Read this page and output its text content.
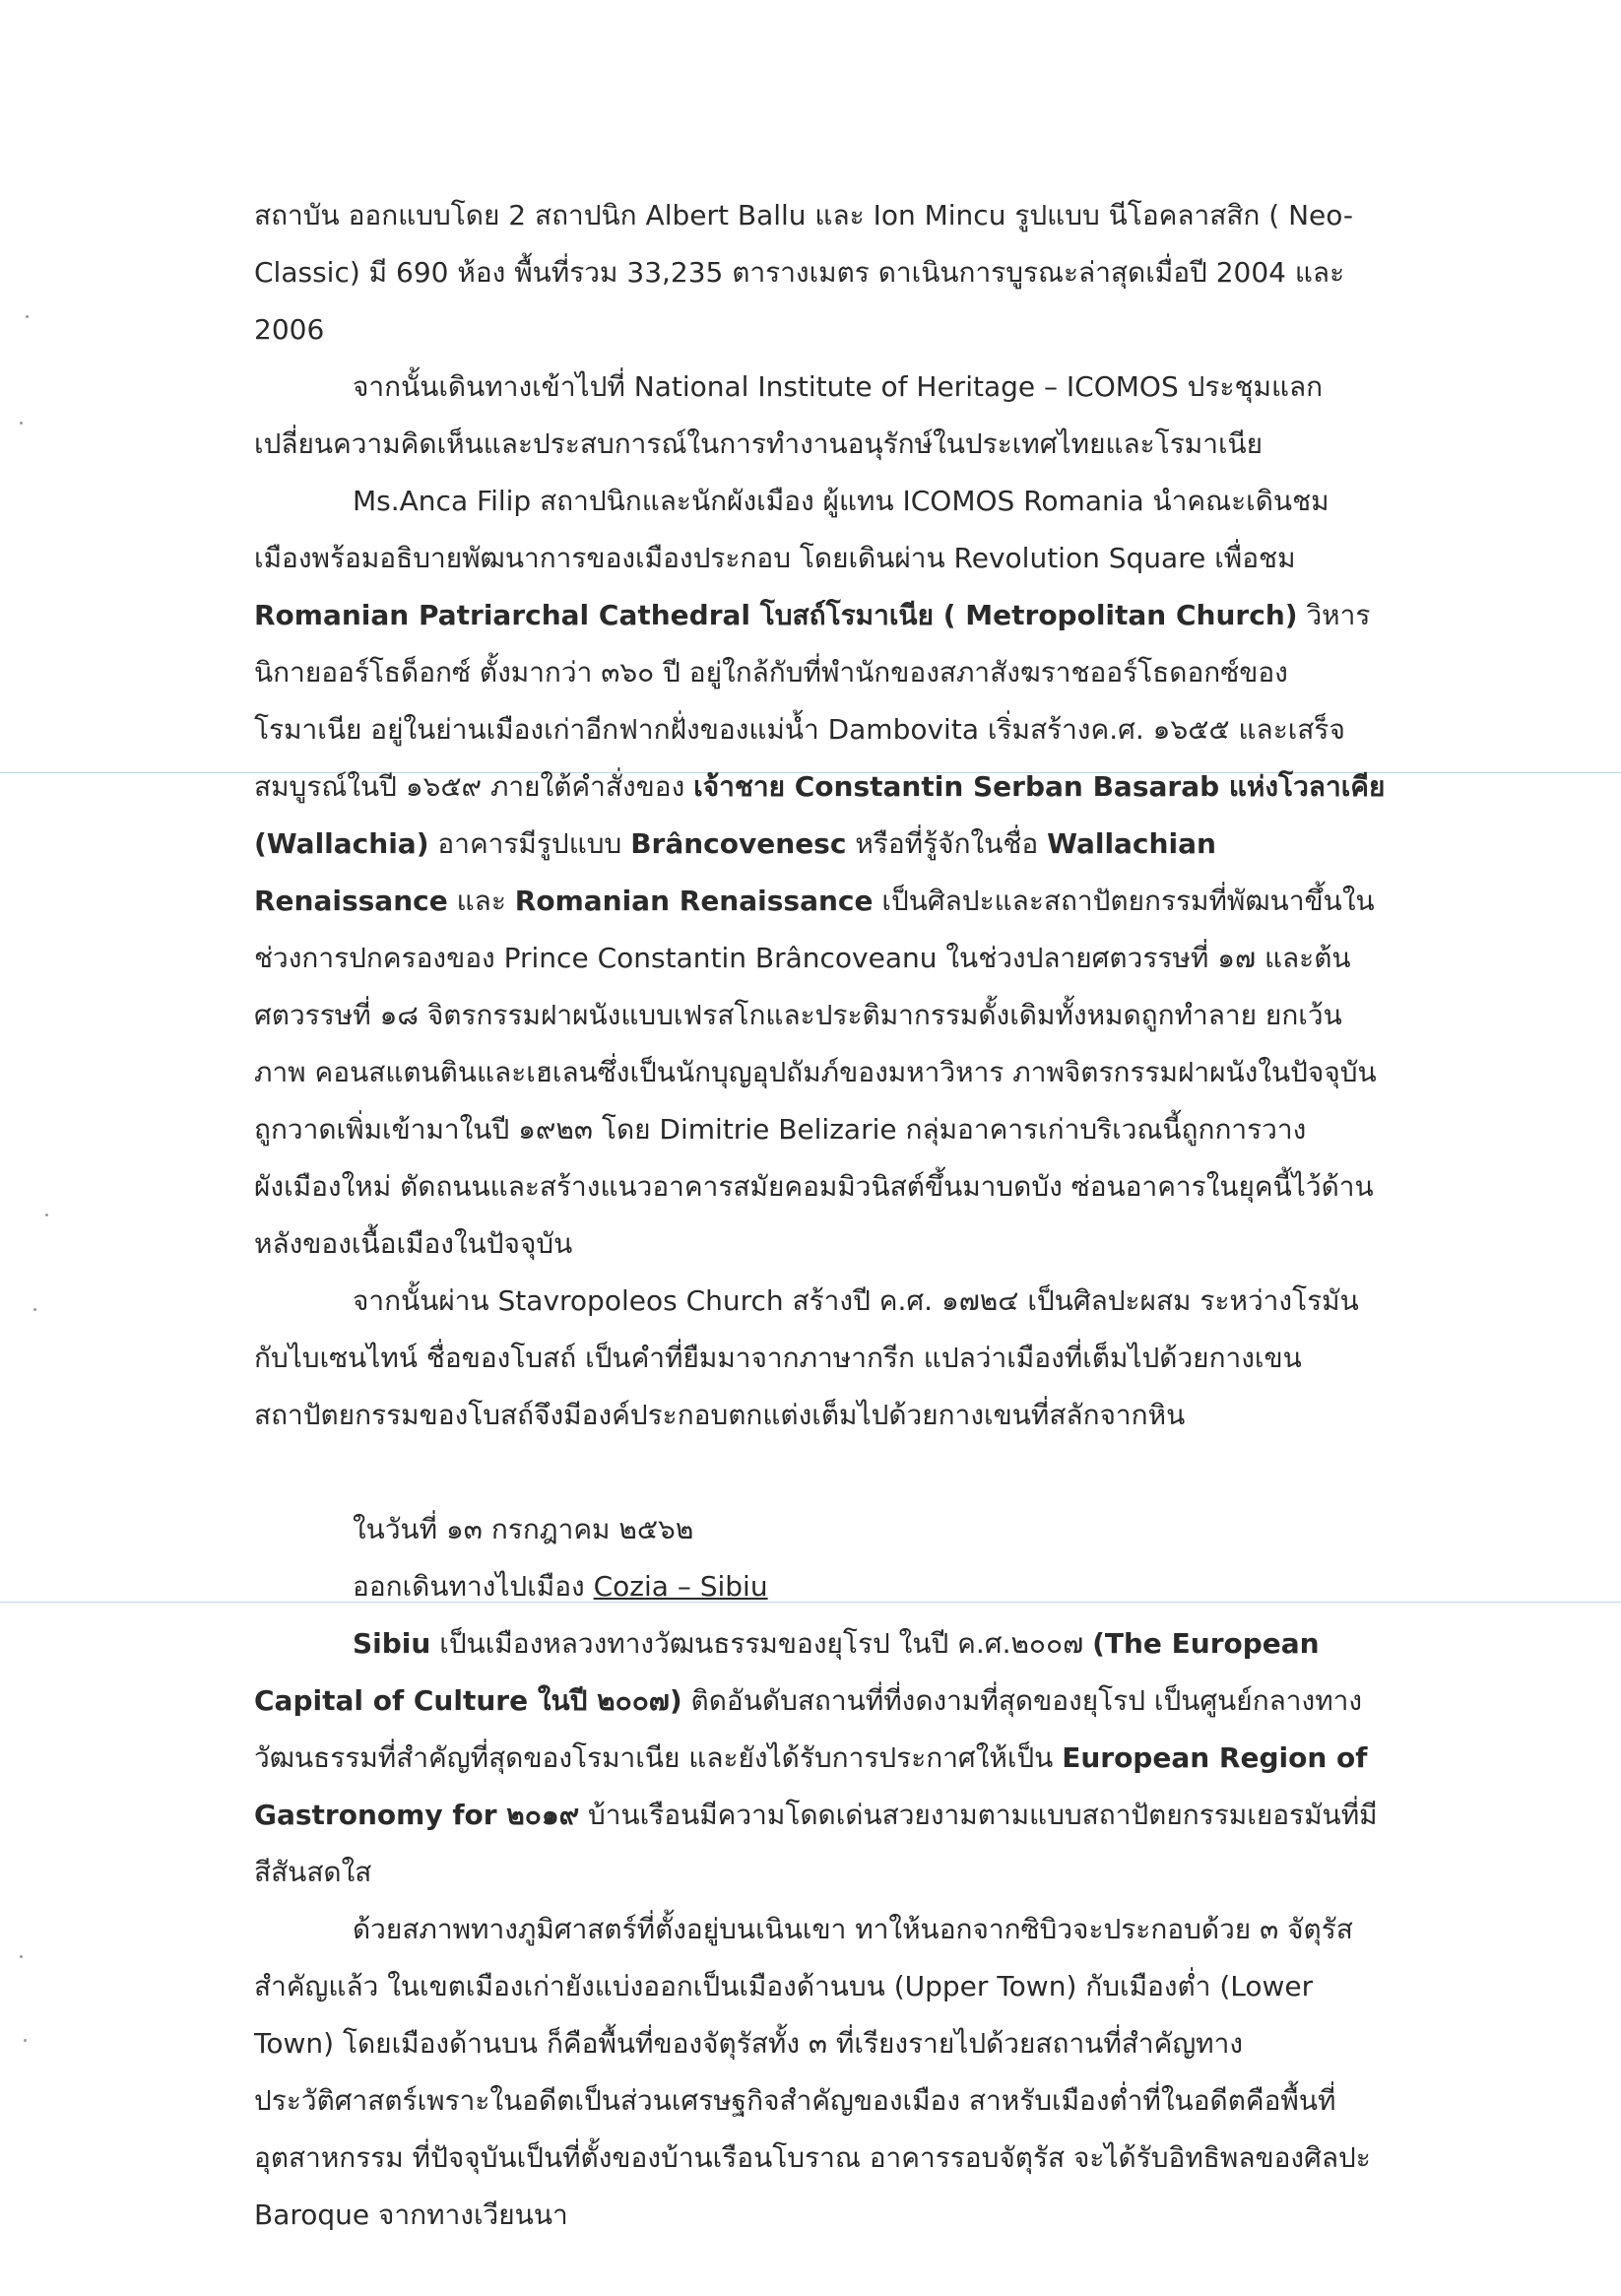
สถาบัน ออกแบบโดย 2 สถาปนิก Albert Ballu และ Ion Mincu รูปแบบ นีโอคลาสสิก ( Neo-Classic) มี 690 ห้อง พื้นที่รวม 33,235 ตารางเมตร ดาเนินการบูรณะล่าสุดเมื่อปี 2004 และ 2006

จากนั้นเดินทางเข้าไปที่ National Institute of Heritage – ICOMOS ประชุมแลกเปลี่ยนความคิดเห็นและประสบการณ์ในการทำงานอนุรักษ์ในประเทศไทยและโรมาเนีย

Ms.Anca Filip สถาปนิกและนักผังเมือง ผู้แทน ICOMOS Romania นำคณะเดินชมเมืองพร้อมอธิบายพัฒนาการของเมืองประกอบ โดยเดินผ่าน Revolution Square เพื่อชม Romanian Patriarchal Cathedral โบสถ์โรมาเนีย ( Metropolitan Church) วิหารนิกายออร์โธด็อกซ์ ตั้งมากว่า ๓๖๐ ปี อยู่ใกล้กับที่พำนักของสภาสังฆราชออร์โธดอกซ์ของโรมาเนีย อยู่ในย่านเมืองเก่าอีกฟากฝั่งของแม่น้ำ Dambovita เริ่มสร้างค.ศ. ๑๖๕๕ และเสร็จสมบูรณ์ในปี ๑๖๕๙ ภายใต้คำสั่งของ เจ้าชาย Constantin Serban Basarab แห่งโวลาเคีย (Wallachia) อาคารมีรูปแบบ Brâncovenesc หรือที่รู้จักในชื่อ Wallachian Renaissance และ Romanian Renaissance เป็นศิลปะและสถาปัตยกรรมที่พัฒนาขึ้นในช่วงการปกครองของ Prince Constantin Brâncoveanu ในช่วงปลายศตวรรษที่ ๑๗ และต้นศตวรรษที่ ๑๘ จิตรกรรมฝาผนังแบบเฟรสโกและประติมากรรมดั้งเดิมทั้งหมดถูกทำลาย ยกเว้นภาพ คอนสแตนตินและเฮเลนซึ่งเป็นนักบุญอุปถัมภ์ของมหาวิหาร ภาพจิตรกรรมฝาผนังในปัจจุบันถูกวาดเพิ่มเข้ามาในปี ๑๙๒๓ โดย Dimitrie Belizarie กลุ่มอาคารเก่าบริเวณนี้ถูกการวางผังเมืองใหม่ ตัดถนนและสร้างแนวอาคารสมัยคอมมิวนิสต์ขึ้นมาบดบัง ซ่อนอาคารในยุคนี้ไว้ด้านหลังของเนื้อเมืองในปัจจุบัน

จากนั้นผ่าน Stavropoleos Church สร้างปี ค.ศ. ๑๗๒๔ เป็นศิลปะผสม ระหว่างโรมันกับไบเซนไทน์ ชื่อของโบสถ์ เป็นคำที่ยืมมาจากภาษากรีก แปลว่าเมืองที่เต็มไปด้วยกางเขน สถาปัตยกรรมของโบสถ์จึงมีองค์ประกอบตกแต่งเต็มไปด้วยกางเขนที่สลักจากหิน

ในวันที่ ๑๓ กรกฎาคม ๒๕๖๒
ออกเดินทางไปเมือง Cozia – Sibiu

Sibiu เป็นเมืองหลวงทางวัฒนธรรมของยุโรป ในปี ค.ศ.๒๐๐๗ (The European Capital of Culture ในปี ๒๐๐๗) ติดอันดับสถานที่ที่งดงามที่สุดของยุโรป เป็นศูนย์กลางทางวัฒนธรรมที่สำคัญที่สุดของโรมาเนีย และยังได้รับการประกาศให้เป็น European Region of Gastronomy for ๒๐๑๙ บ้านเรือนมีความโดดเด่นสวยงามตามแบบสถาปัตยกรรมเยอรมันที่มีสีสันสดใส

ด้วยสภาพทางภูมิศาสตร์ที่ตั้งอยู่บนเนินเขา ทาให้นอกจากซิบิวจะประกอบด้วย ๓ จัตุรัสสำคัญแล้ว ในเขตเมืองเก่ายังแบ่งออกเป็นเมืองด้านบน (Upper Town) กับเมืองต่ำ (Lower Town) โดยเมืองด้านบน ก็คือพื้นที่ของจัตุรัสทั้ง ๓ ที่เรียงรายไปด้วยสถานที่สำคัญทางประวัติศาสตร์เพราะในอดีตเป็นส่วนเศรษฐกิจสำคัญของเมือง สาหรับเมืองต่ำที่ในอดีตคือพื้นที่อุตสาหกรรม ที่ปัจจุบันเป็นที่ตั้งของบ้านเรือนโบราณ อาคารรอบจัตุรัส จะได้รับอิทธิพลของศิลปะ Baroque จากทางเวียนนา
